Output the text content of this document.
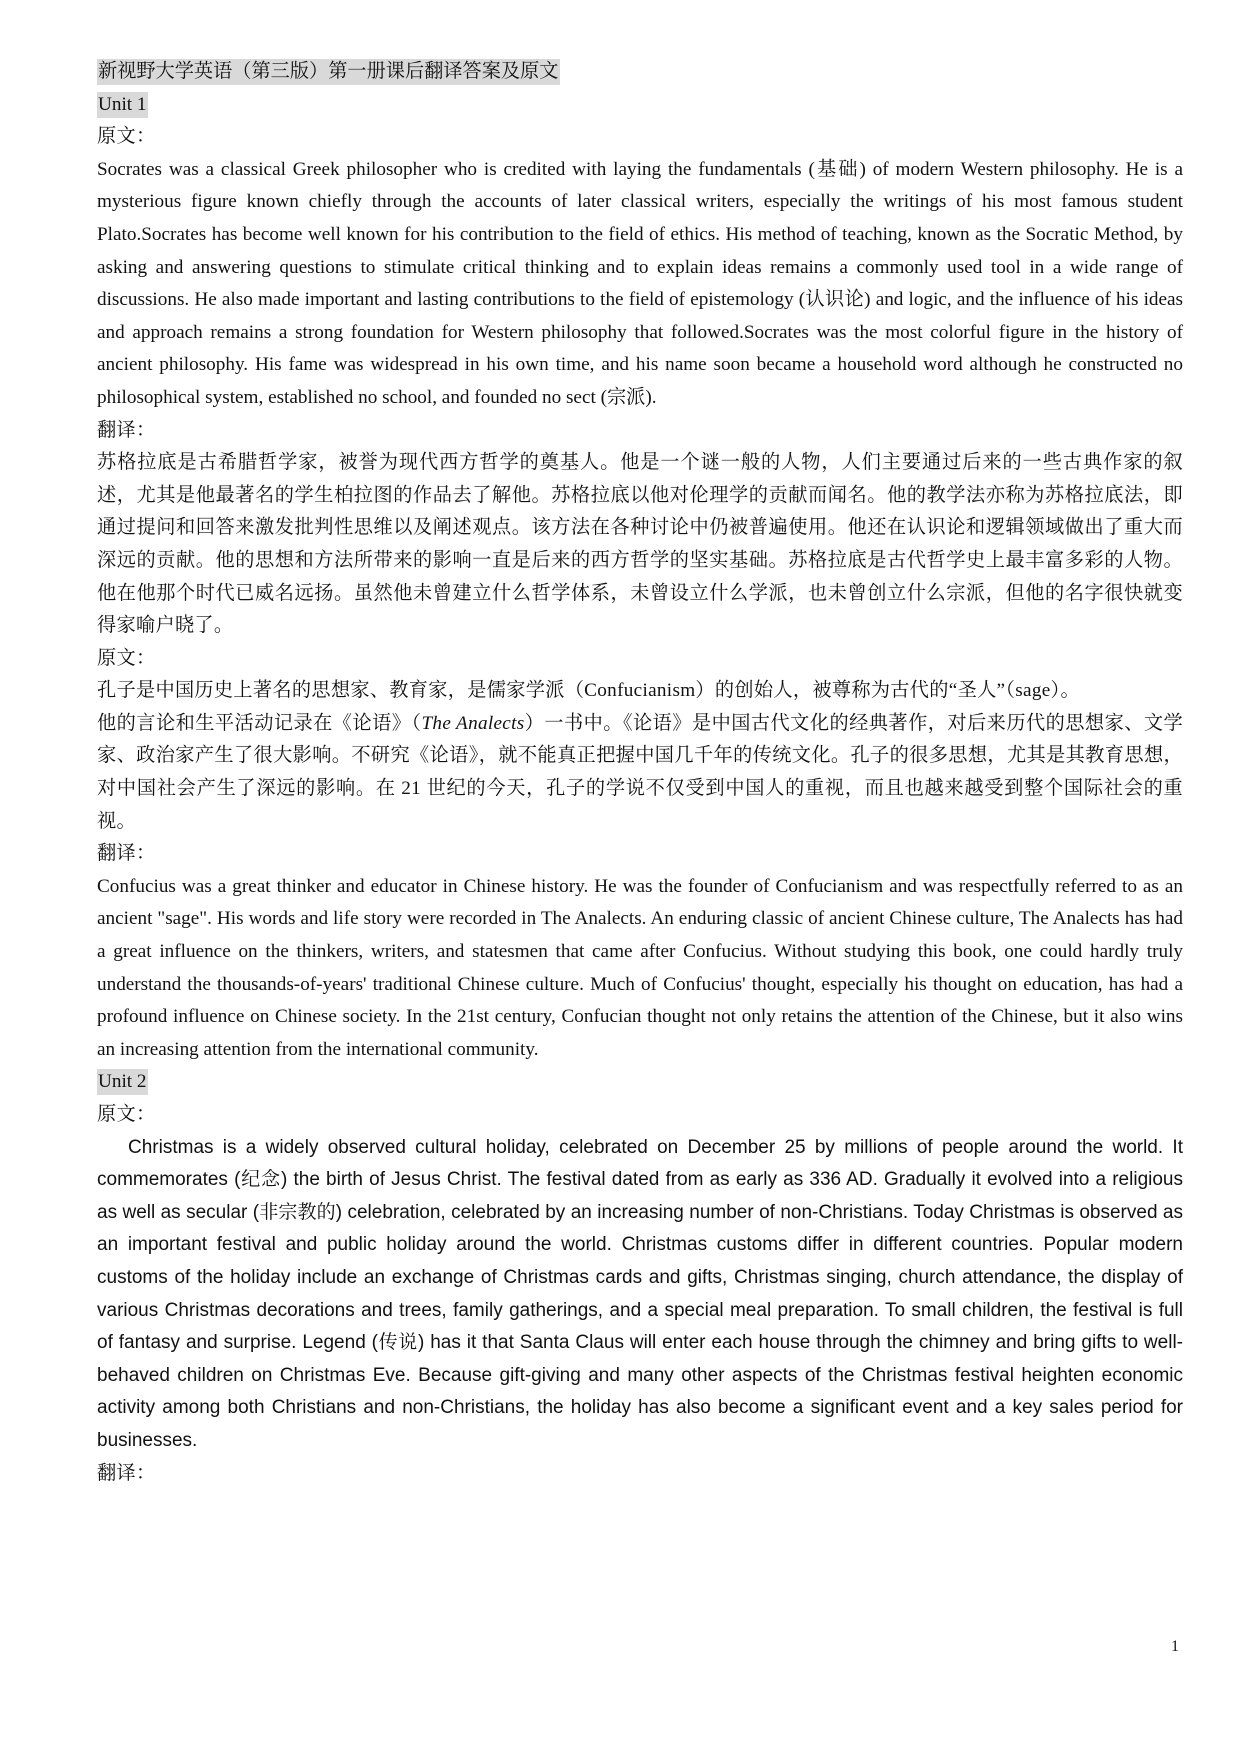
新视野大学英语（第三版）第一册课后翻译答案及原文
Unit 1
原文：

Socrates was a classical Greek philosopher who is credited with laying the fundamentals (基础) of modern Western philosophy. He is a mysterious figure known chiefly through the accounts of later classical writers, especially the writings of his most famous student Plato.Socrates has become well known for his contribution to the field of ethics. His method of teaching, known as the Socratic Method, by asking and answering questions to stimulate critical thinking and to explain ideas remains a commonly used tool in a wide range of discussions. He also made important and lasting contributions to the field of epistemology (认识论) and logic, and the influence of his ideas and approach remains a strong foundation for Western philosophy that followed.Socrates was the most colorful figure in the history of ancient philosophy. His fame was widespread in his own time, and his name soon became a household word although he constructed no philosophical system, established no school, and founded no sect (宗派).

翻译：

苏格拉底是古希腊哲学家，被誉为现代西方哲学的奠基人。他是一个谜一般的人物，人们主要通过后来的一些古典作家的叙述，尤其是他最著名的学生柏拉图的作品去了解他。苏格拉底以他对伦理学的贡献而闻名。他的教学法亦称为苏格拉底法，即通过提问和回答来激发批判性思维以及阐述观点。该方法在各种讨论中仍被普遍使用。他还在认识论和逻辑领域做出了重大而深远的贡献。他的思想和方法所带来的影响一直是后来的西方哲学的坚实基础。苏格拉底是古代哲学史上最丰富多彩的人物。他在他那个时代已威名远扬。虽然他未曾建立什么哲学体系，未曾设立什么学派，也未曾创立什么宗派，但他的名字很快就变得家喻户晓了。

原文：

孔子是中国历史上著名的思想家、教育家，是儒家学派（Confucianism）的创始人，被尊称为古代的“圣人”（sage）。

他的言论和生平活动记录在《论语》（The Analects）一书中。《论语》是中国古代文化的经典著作，对后来历代的思想家、文学家、政治家产生了很大影响。不研究《论语》，就不能真正把握中国几千年的传统文化。孔子的很多思想，尤其是其教育思想，对中国社会产生了深远的影响。在 21 世纪的今天，孔子的学说不仅受到中国人的重视，而且也越来越受到整个国际社会的重视。

翻译：

Confucius was a great thinker and educator in Chinese history. He was the founder of Confucianism and was respectfully referred to as an ancient "sage". His words and life story were recorded in The Analects. An enduring classic of ancient Chinese culture, The Analects has had a great influence on the thinkers, writers, and statesmen that came after Confucius. Without studying this book, one could hardly truly understand the thousands-of-years' traditional Chinese culture. Much of Confucius' thought, especially his thought on education, has had a profound influence on Chinese society. In the 21st century, Confucian thought not only retains the attention of the Chinese, but it also wins an increasing attention from the international community.

Unit 2
原文：

Christmas is a widely observed cultural holiday, celebrated on December 25 by millions of people around the world. It commemorates (纪念) the birth of Jesus Christ. The festival dated from as early as 336 AD. Gradually it evolved into a religious as well as secular (非宗教的) celebration, celebrated by an increasing number of non-Christians. Today Christmas is observed as an important festival and public holiday around the world. Christmas customs differ in different countries. Popular modern customs of the holiday include an exchange of Christmas cards and gifts, Christmas singing, church attendance, the display of various Christmas decorations and trees, family gatherings, and a special meal preparation. To small children, the festival is full of fantasy and surprise. Legend (传说) has it that Santa Claus will enter each house through the chimney and bring gifts to well-behaved children on Christmas Eve. Because gift-giving and many other aspects of the Christmas festival heighten economic activity among both Christians and non-Christians, the holiday has also become a significant event and a key sales period for businesses.

翻译：
1
